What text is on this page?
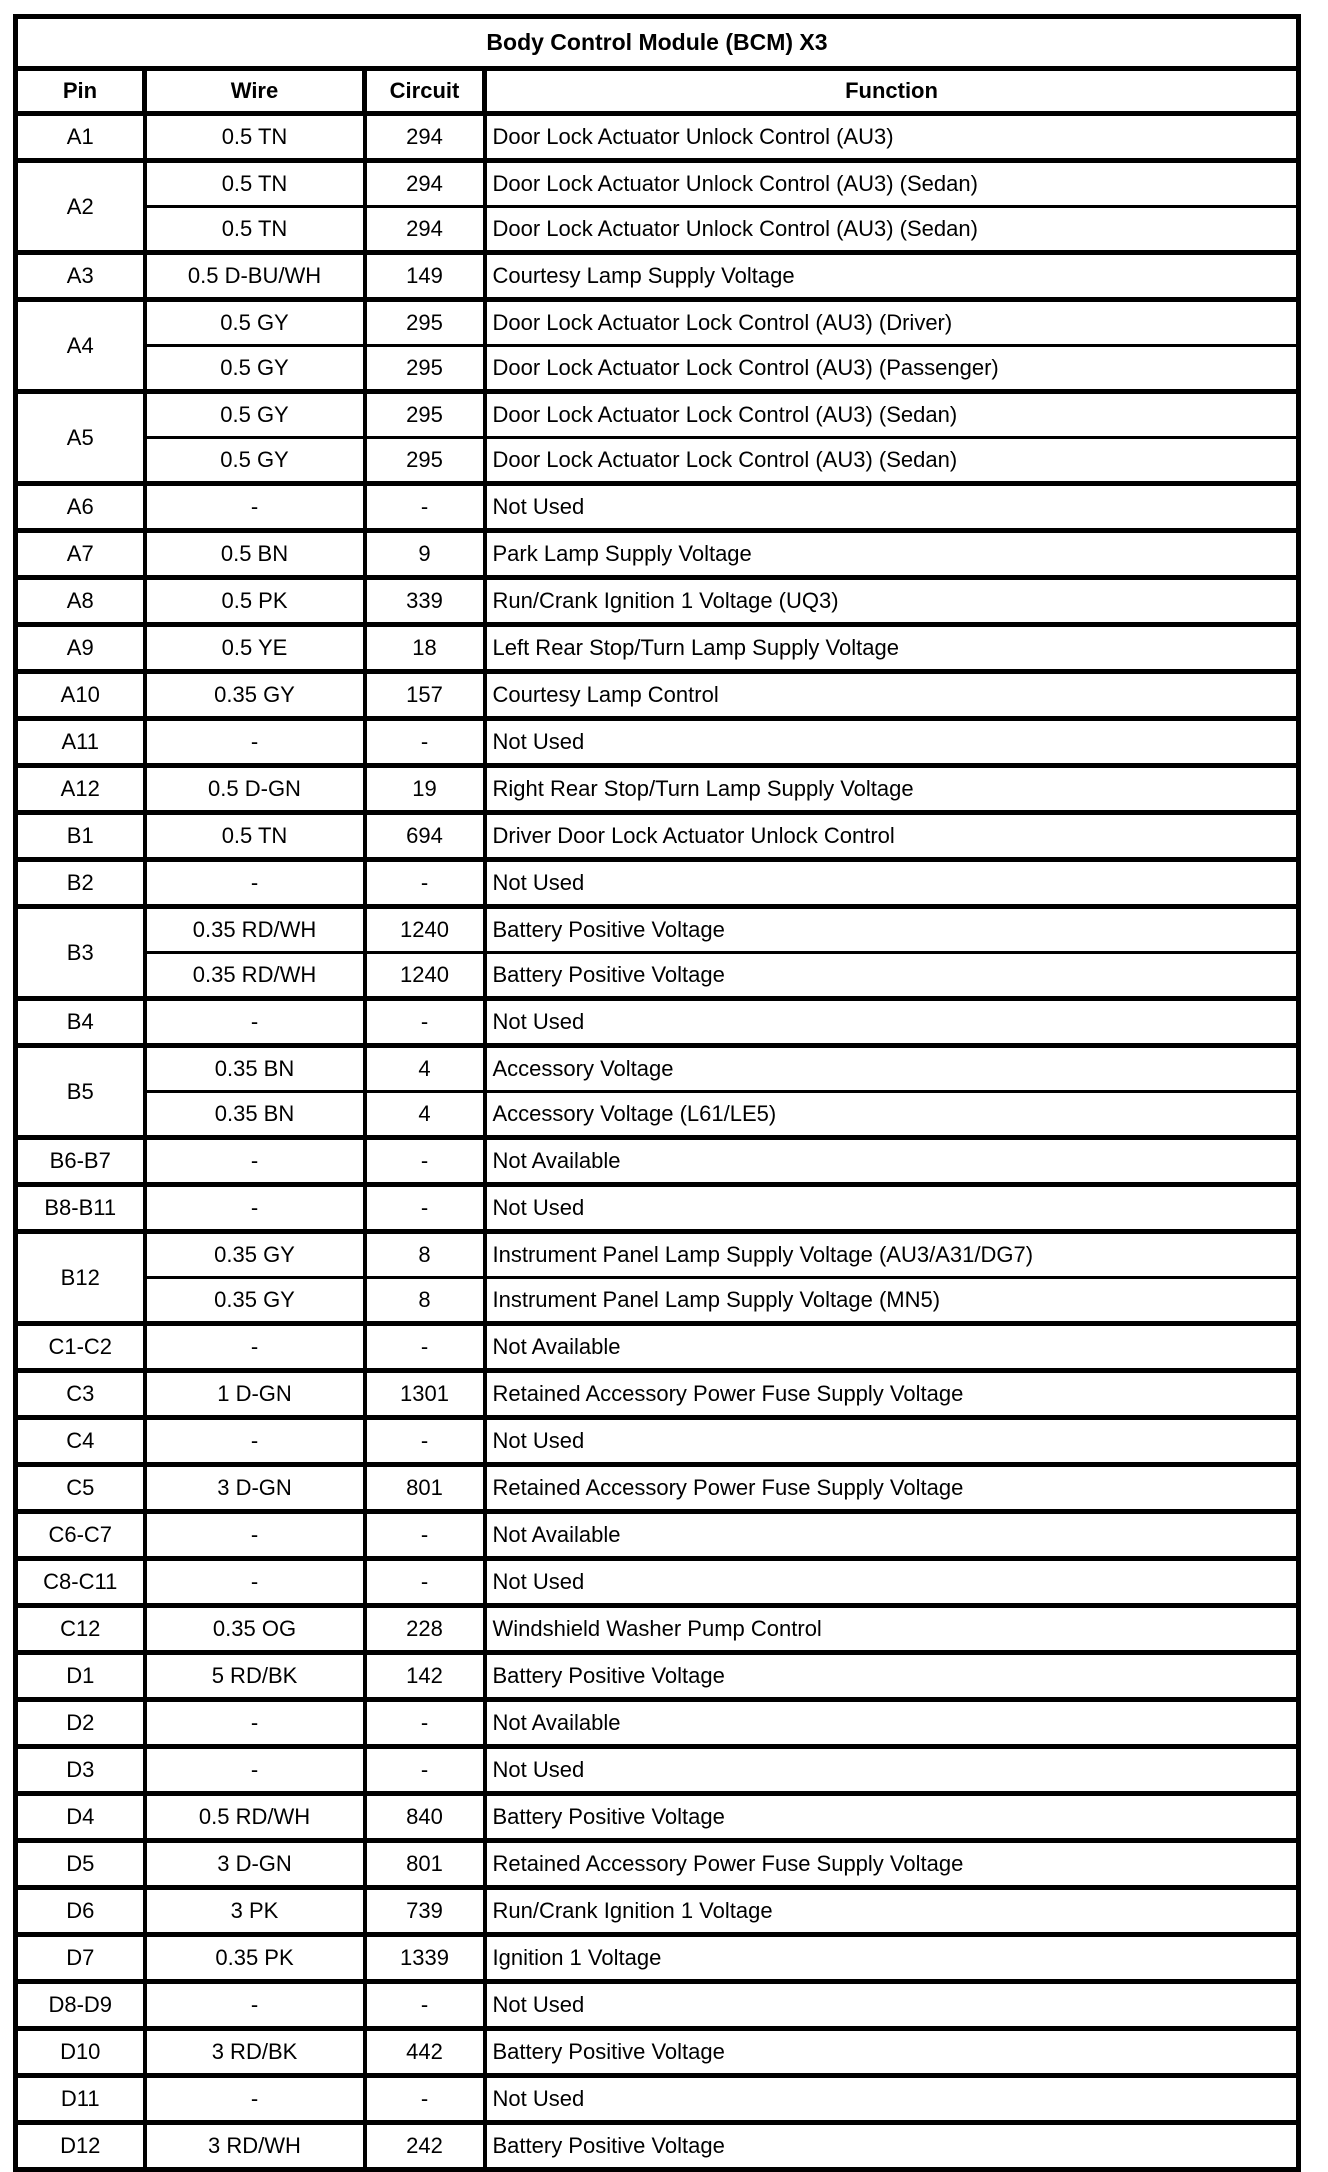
Body Control Module (BCM) X3			
Pin	Wire	Circuit	Function
A1	0.5 TN	294	Door Lock Actuator Unlock Control (AU3)
A2	0.5 TN	294	Door Lock Actuator Unlock Control (AU3) (Sedan)
	0.5 TN	294	Door Lock Actuator Unlock Control (AU3) (Sedan)
A3	0.5 D-BU/WH	149	Courtesy Lamp Supply Voltage
A4	0.5 GY	295	Door Lock Actuator Lock Control (AU3) (Driver)
	0.5 GY	295	Door Lock Actuator Lock Control (AU3) (Passenger)
A5	0.5 GY	295	Door Lock Actuator Lock Control (AU3) (Sedan)
	0.5 GY	295	Door Lock Actuator Lock Control (AU3) (Sedan)
A6	-	-	Not Used
A7	0.5 BN	9	Park Lamp Supply Voltage
A8	0.5 PK	339	Run/Crank Ignition 1 Voltage (UQ3)
A9	0.5 YE	18	Left Rear Stop/Turn Lamp Supply Voltage
A10	0.35 GY	157	Courtesy Lamp Control
A11	-	-	Not Used
A12	0.5 D-GN	19	Right Rear Stop/Turn Lamp Supply Voltage
B1	0.5 TN	694	Driver Door Lock Actuator Unlock Control
B2	-	-	Not Used
B3	0.35 RD/WH	1240	Battery Positive Voltage
	0.35 RD/WH	1240	Battery Positive Voltage
B4	-	-	Not Used
B5	0.35 BN	4	Accessory Voltage
	0.35 BN	4	Accessory Voltage (L61/LE5)
B6-B7	-	-	Not Available
B8-B11	-	-	Not Used
B12	0.35 GY	8	Instrument Panel Lamp Supply Voltage (AU3/A31/DG7)
	0.35 GY	8	Instrument Panel Lamp Supply Voltage (MN5)
C1-C2	-	-	Not Available
C3	1 D-GN	1301	Retained Accessory Power Fuse Supply Voltage
C4	-	-	Not Used
C5	3 D-GN	801	Retained Accessory Power Fuse Supply Voltage
C6-C7	-	-	Not Available
C8-C11	-	-	Not Used
C12	0.35 OG	228	Windshield Washer Pump Control
D1	5 RD/BK	142	Battery Positive Voltage
D2	-	-	Not Available
D3	-	-	Not Used
D4	0.5 RD/WH	840	Battery Positive Voltage
D5	3 D-GN	801	Retained Accessory Power Fuse Supply Voltage
D6	3 PK	739	Run/Crank Ignition 1 Voltage
D7	0.35 PK	1339	Ignition 1 Voltage
D8-D9	-	-	Not Used
D10	3 RD/BK	442	Battery Positive Voltage
D11	-	-	Not Used
D12	3 RD/WH	242	Battery Positive Voltage
